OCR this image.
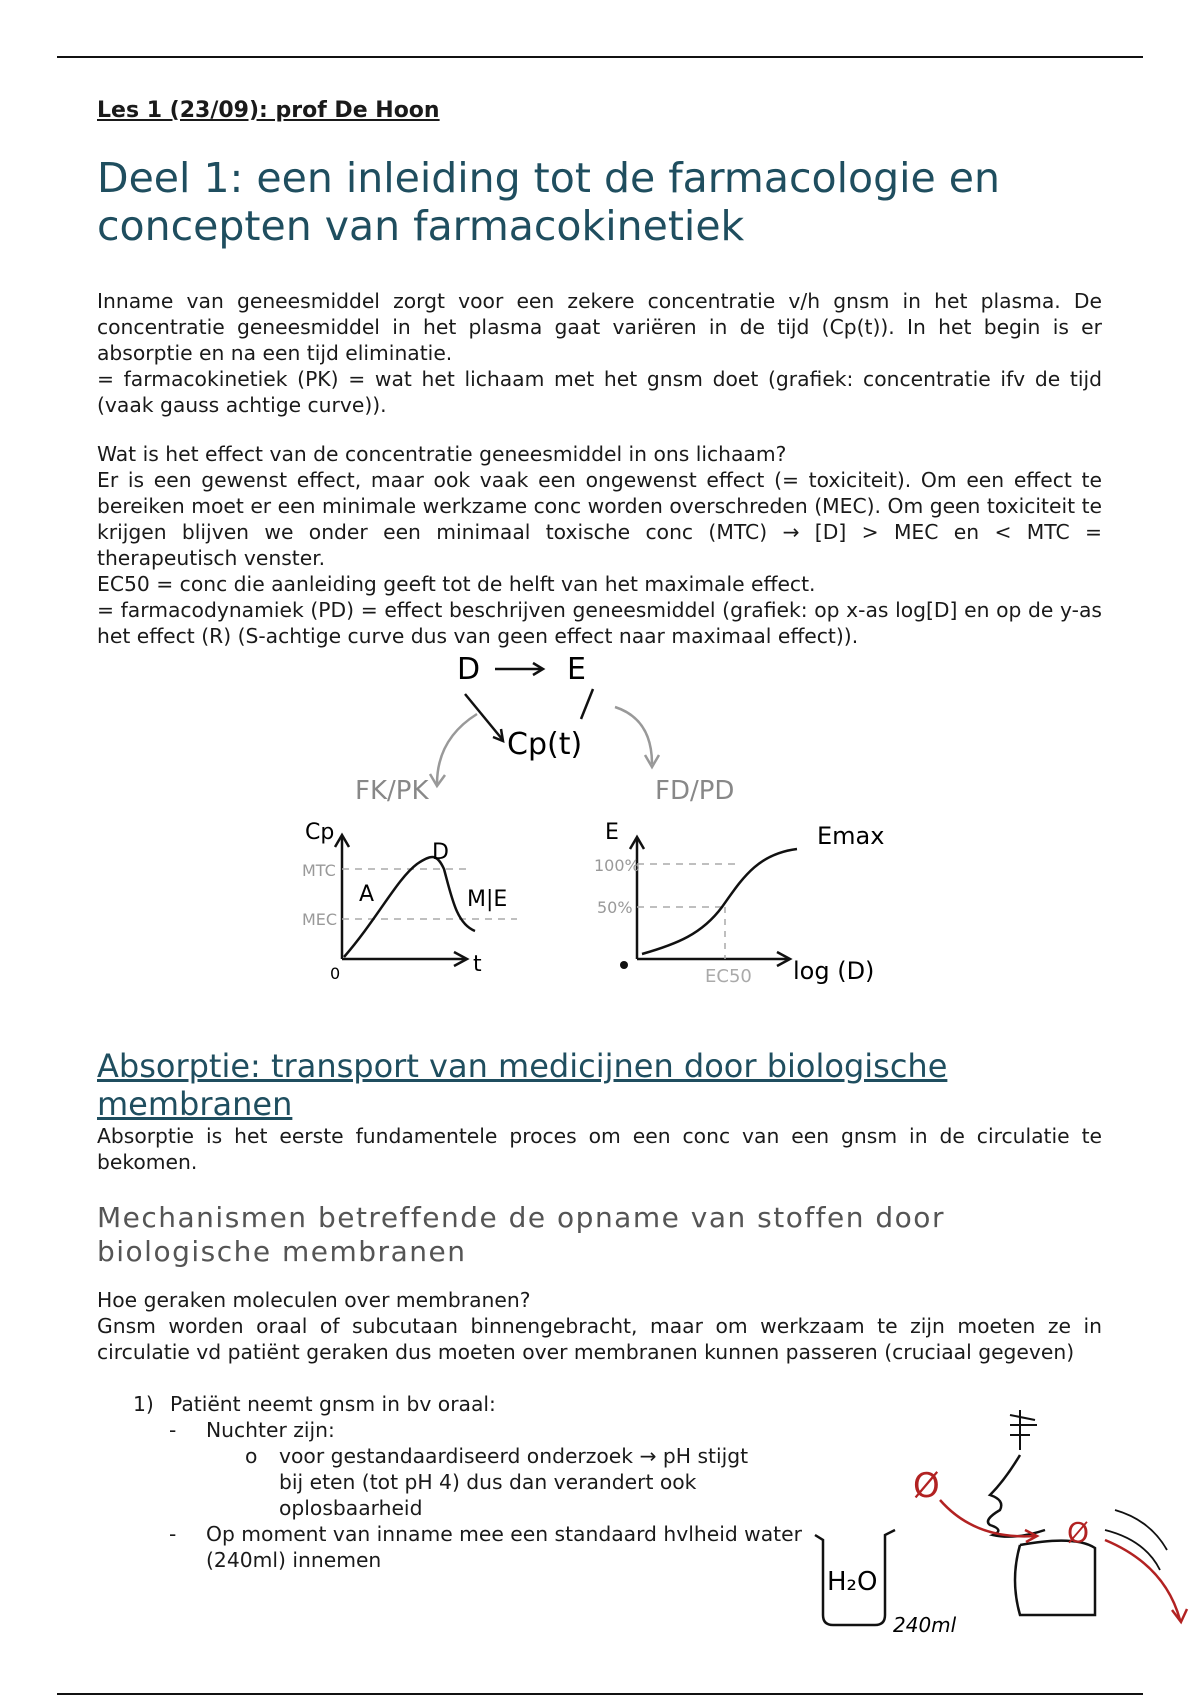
Les 1 (23/09): prof De Hoon

Deel 1: een inleiding tot de farmacologie en concepten van farmacokinetiek

Inname van geneesmiddel zorgt voor een zekere concentratie v/h gnsm in het plasma. De concentratie geneesmiddel in het plasma gaat variëren in de tijd (Cp(t)). In het begin is er absorptie en na een tijd eliminatie.

= farmacokinetiek (PK) = wat het lichaam met het gnsm doet (grafiek: concentratie ifv de tijd (vaak gauss achtige curve)).

Wat is het effect van de concentratie geneesmiddel in ons lichaam?

Er is een gewenst effect, maar ook vaak een ongewenst effect (= toxiciteit). Om een effect te bereiken moet er een minimale werkzame conc worden overschreden (MEC). Om geen toxiciteit te krijgen blijven we onder een minimaal toxische conc (MTC) → [D] > MEC en < MTC = therapeutisch venster.

EC50 = conc die aanleiding geeft tot de helft van het maximale effect.

= farmacodynamiek (PD) = effect beschrijven geneesmiddel (grafiek: op x-as log[D] en op de y-as het effect (R) (S-achtige curve dus van geen effect naar maximaal effect)).

D	E
Cp(t)
FK/PK	FD/PD
Cp
t
0
MTC
MEC
A
D
M|E
E
100%
50%
EC50 log (D)
Emax
Absorptie: transport van medicijnen door biologische membranen

Absorptie is het eerste fundamentele proces om een conc van een gnsm in de circulatie te bekomen.

Mechanismen betreffende de opname van stoffen door biologische membranen

Hoe geraken moleculen over membranen?

Gnsm worden oraal of subcutaan binnengebracht, maar om werkzaam te zijn moeten ze in circulatie vd patiënt geraken dus moeten over membranen kunnen passeren (cruciaal gegeven)

1) Patiënt neemt gnsm in bv oraal:
- Nuchter zijn:
o voor gestandaardiseerd onderzoek → pH stijgt bij eten (tot pH 4) dus dan verandert ook oplosbaarheid
- Op moment van inname mee een standaard hvlheid water (240ml) innemen
H₂O
240ml
Ø
Ø
